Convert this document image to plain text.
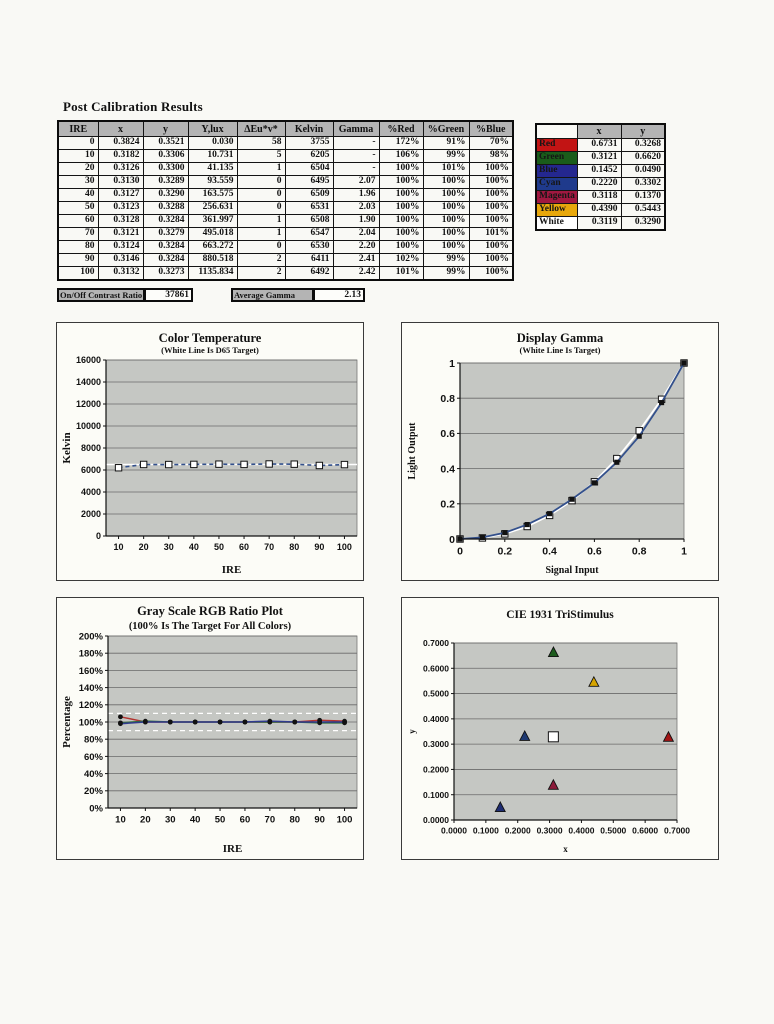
Post Calibration Results
IRE	x	y	Y,lux	ΔEu*v*	Kelvin	Gamma	%Red	%Green	%Blue
0	0.3824	0.3521	0.030	58	3755	-	172%	91%	70%
10	0.3182	0.3306	10.731	5	6205	-	106%	99%	98%
20	0.3126	0.3300	41.135	1	6504	-	100%	101%	100%
30	0.3130	0.3289	93.559	0	6495	2.07	100%	100%	100%
40	0.3127	0.3290	163.575	0	6509	1.96	100%	100%	100%
50	0.3123	0.3288	256.631	0	6531	2.03	100%	100%	100%
60	0.3128	0.3284	361.997	1	6508	1.90	100%	100%	100%
70	0.3121	0.3279	495.018	1	6547	2.04	100%	100%	101%
80	0.3124	0.3284	663.272	0	6530	2.20	100%	100%	100%
90	0.3146	0.3284	880.518	2	6411	2.41	102%	99%	100%
100	0.3132	0.3273	1135.834	2	6492	2.42	101%	99%	100%
	x	y
Red	0.6731	0.3268
Green	0.3121	0.6620
Blue	0.1452	0.0490
Cyan	0.2220	0.3302
Magenta	0.3118	0.1370
Yellow	0.4390	0.5443
White	0.3119	0.3290
On/Off Contrast Ratio	37861	Average Gamma	2.13
0
2000
4000
6000
8000
10000
12000
14000
16000
10 20 30 40 50 60 70 80 90 100
IRE
Kelvin
Color Temperature
(White Line Is D65 Target)
0
0.2
0.4
0.6
0.8
1
0	0.2	0.4	0.6	0.8	1
Signal Input
Light Output
Display Gamma
(White Line Is Target)
0%
20%
40%
60%
80%
100%
120%
140%
160%
180%
200%
10 20 30 40 50 60 70 80 90 100
IRE
Percentage
Gray Scale RGB Ratio Plot
(100% Is The Target For All Colors)
0.0000
0.1000
0.2000
0.3000
0.4000
0.5000
0.6000
0.7000
0.0000 0.1000 0.2000 0.3000 0.4000 0.5000 0.6000 0.7000
x
y
CIE 1931 TriStimulus
